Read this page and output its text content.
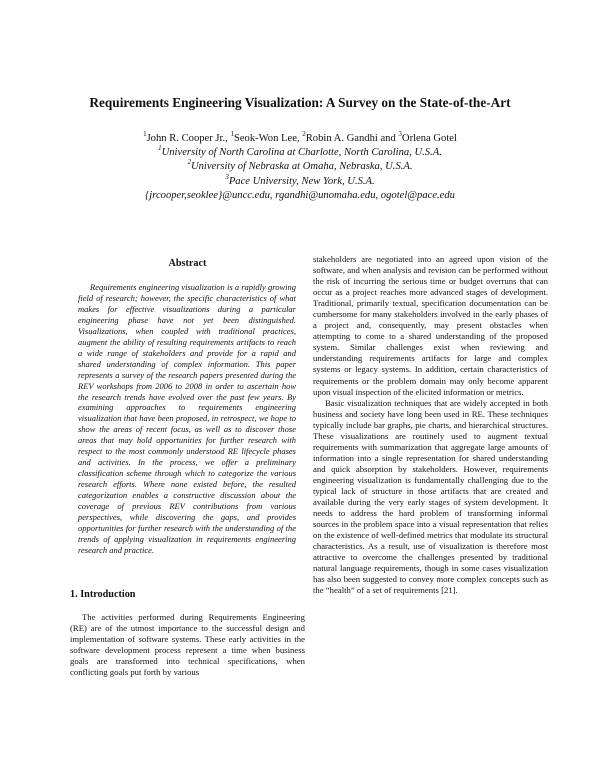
Requirements Engineering Visualization: A Survey on the State-of-the-Art
$^1$John R. Cooper Jr., $^1$Seok-Won Lee, $^2$Robin A. Gandhi and $^3$Orlena Gotel
$^1$University of North Carolina at Charlotte, North Carolina, U.S.A.
$^2$University of Nebraska at Omaha, Nebraska, U.S.A.
$^3$Pace University, New York, U.S.A.
{jrcooper,seoklee}@uncc.edu, rgandhi@unomaha.edu, ogotel@pace.edu
Abstract
Requirements engineering visualization is a rapidly growing field of research; however, the specific characteristics of what makes for effective visualizations during a particular engineering phase have not yet been distinguished. Visualizations, when coupled with traditional practices, augment the ability of resulting requirements artifacts to reach a wide range of stakeholders and provide for a rapid and shared understanding of complex information. This paper represents a survey of the research papers presented during the REV workshops from 2006 to 2008 in order to ascertain how the research trends have evolved over the past few years. By examining approaches to requirements engineering visualization that have been proposed, in retrospect, we hope to show the areas of recent focus, as well as to discover those areas that may hold opportunities for further research with respect to the most commonly understood RE lifecycle phases and activities. In the process, we offer a preliminary classification scheme through which to categorize the various research efforts. Where none existed before, the resulted categorization enables a constructive discussion about the coverage of previous REV contributions from various perspectives, while discovering the gaps, and provides opportunities for further research with the understanding of the trends of applying visualization in requirements engineering research and practice.
1. Introduction
The activities performed during Requirements Engineering (RE) are of the utmost importance to the successful design and implementation of software systems. These early activities in the software development process represent a time when business goals are transformed into technical specifications, when conflicting goals put forth by various

stakeholders are negotiated into an agreed upon vision of the software, and when analysis and revision can be performed without the risk of incurring the serious time or budget overruns that can occur as a project reaches more advanced stages of development. Traditional, primarily textual, specification documentation can be cumbersome for many stakeholders involved in the early phases of a project and, consequently, may present obstacles when attempting to come to a shared understanding of the proposed system. Similar challenges exist when reviewing and understanding requirements artifacts for large and complex systems or legacy systems. In addition, certain characteristics of requirements or the problem domain may only become apparent upon visual inspection of the elicited information or metrics.

Basic visualization techniques that are widely accepted in both business and society have long been used in RE. These techniques typically include bar graphs, pie charts, and hierarchical structures. These visualizations are routinely used to augment textual requirements with summarization that aggregate large amounts of information into a single representation for shared understanding and quick absorption by stakeholders. However, requirements engineering visualization is fundamentally challenging due to the typical lack of structure in those artifacts that are created and available during the very early stages of system development. It needs to address the hard problem of transforming informal sources in the problem space into a visual representation that relies on the existence of well-defined metrics that modulate its structural characteristics. As a result, use of visualization is therefore most attractive to overcome the challenges presented by traditional natural language requirements, though in some cases visualization has also been suggested to convey more complex concepts such as the “health” of a set of requirements [21].
